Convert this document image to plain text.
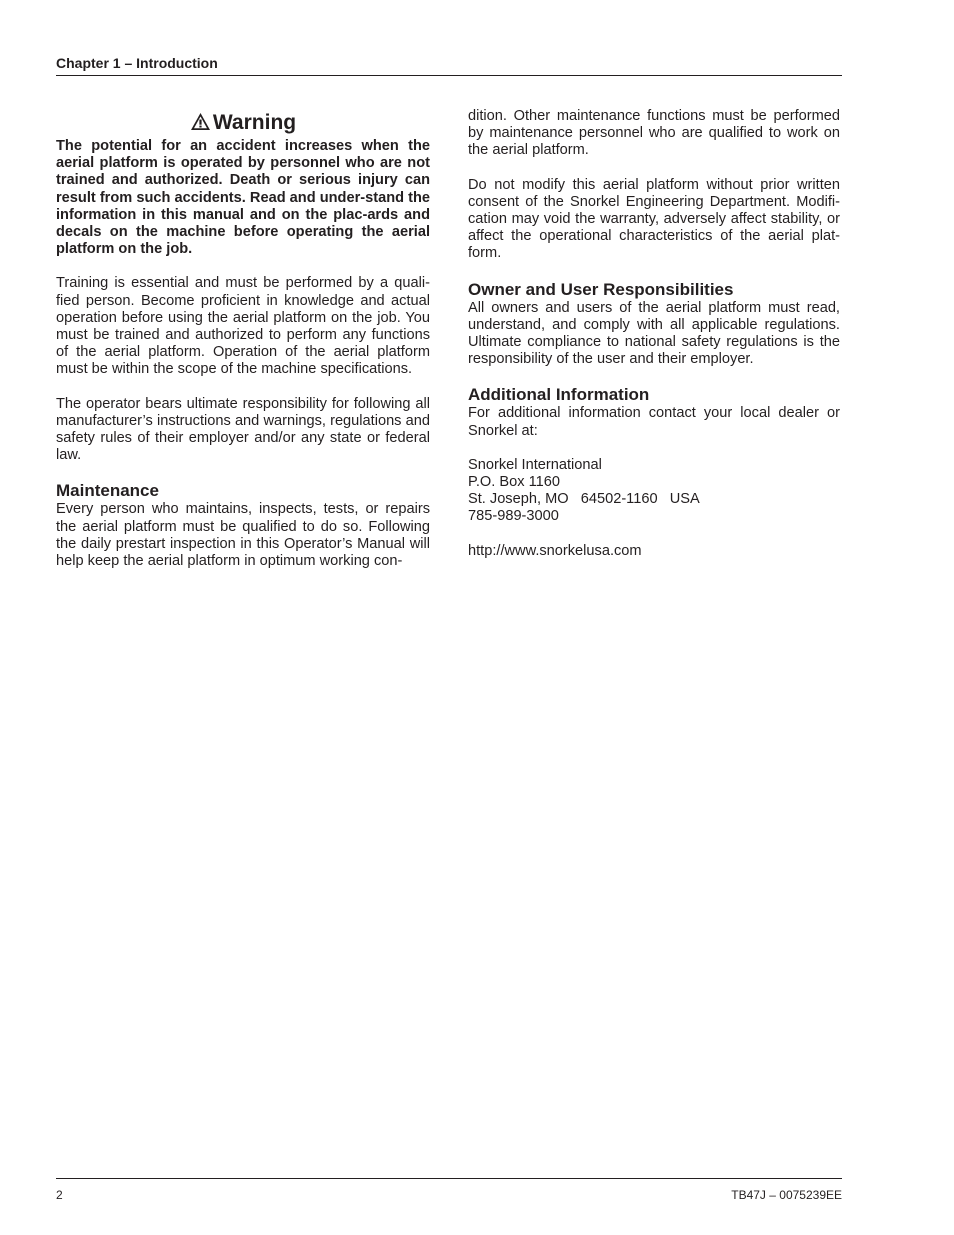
Chapter 1 – Introduction
Warning

The potential for an accident increases when the aerial platform is operated by personnel who are not trained and authorized. Death or serious injury can result from such accidents. Read and under-stand the information in this manual and on the plac-ards and decals on the machine before operating the aerial platform on the job.

Training is essential and must be performed by a quali-fied person. Become proficient in knowledge and actual operation before using the aerial platform on the job. You must be trained and authorized to perform any functions of the aerial platform. Operation of the aerial platform must be within the scope of the machine specifications.

The operator bears ultimate responsibility for following all manufacturer’s instructions and warnings, regulations and safety rules of their employer and/or any state or federal law.

Maintenance

Every person who maintains, inspects, tests, or repairs the aerial platform must be qualified to do so. Following the daily prestart inspection in this Operator’s Manual will help keep the aerial platform in optimum working con-

dition. Other maintenance functions must be performed by maintenance personnel who are qualified to work on the aerial platform.

Do not modify this aerial platform without prior written consent of the Snorkel Engineering Department. Modifi-cation may void the warranty, adversely affect stability, or affect the operational characteristics of the aerial plat-form.

Owner and User Responsibilities

All owners and users of the aerial platform must read, understand, and comply with all applicable regulations. Ultimate compliance to national safety regulations is the responsibility of the user and their employer.

Additional Information

For additional information contact your local dealer or Snorkel at:

Snorkel International
P.O. Box 1160
St. Joseph, MO   64502-1160   USA
785-989-3000

http://www.snorkelusa.com

2	TB47J – 0075239EE
